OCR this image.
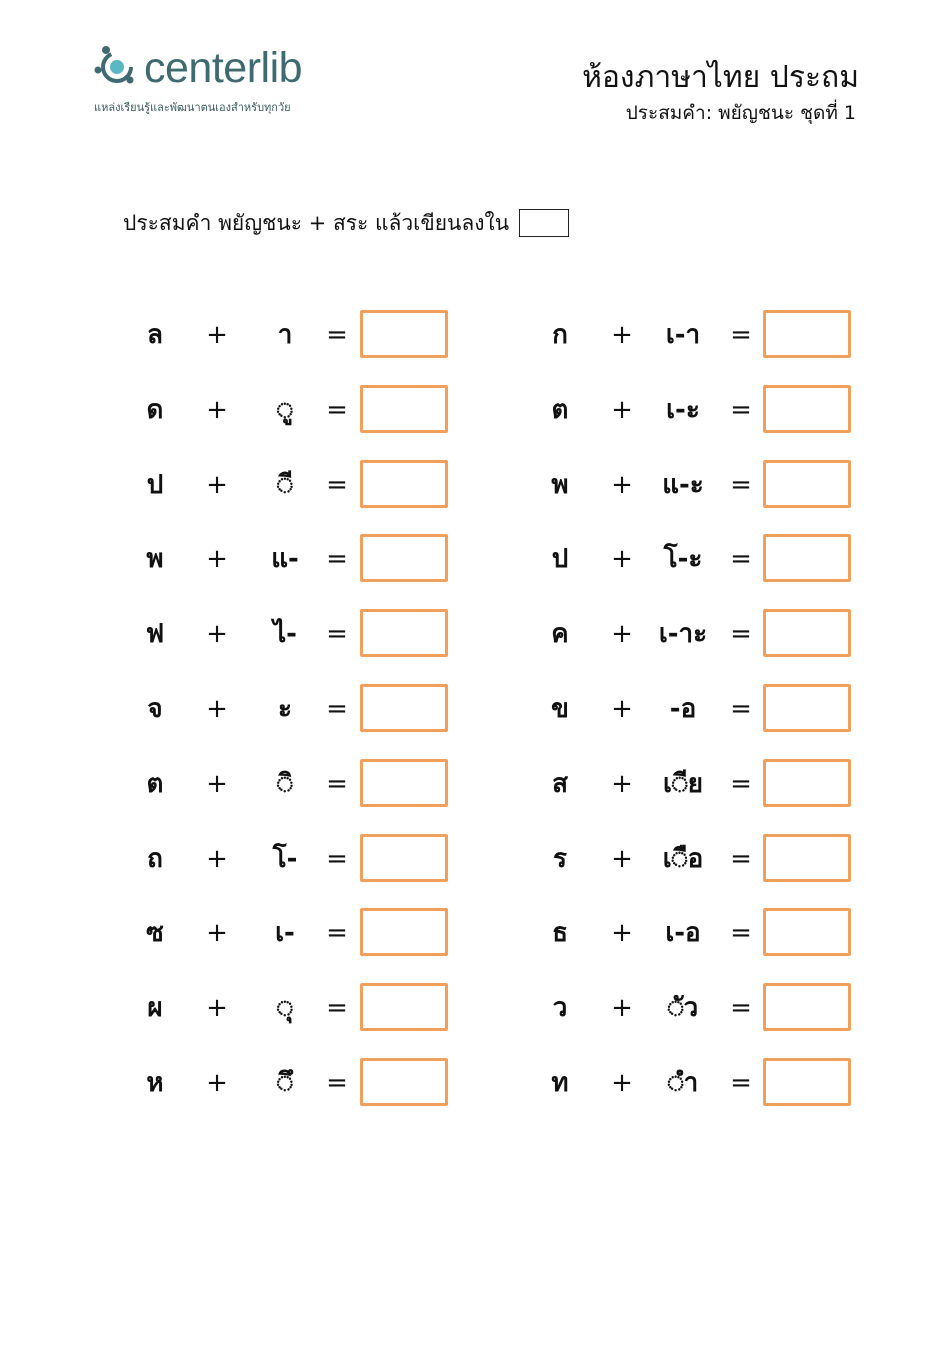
centerlib
แหล่งเรียนรู้และพัฒนาตนเองสำหรับทุกวัย
ห้องภาษาไทย ประถม
ประสมคำ: พยัญชนะ ชุดที่ 1
ประสมคำ พยัญชนะ + สระ แล้วเขียนลงใน
ล	+	า	=
ด	+	◌ู	=
ป	+	◌ี	=
พ	+	แ-	=
ฟ	+	ไ-	=
จ	+	ะ	=
ต	+	◌ิ	=
ถ	+	โ-	=
ซ	+	เ-	=
ผ	+	◌ุ	=
ห	+	◌ึ	=
ก	+	เ-า	=
ต	+	เ-ะ	=
พ	+	แ-ะ	=
ป	+	โ-ะ	=
ค	+ เ-าะ =
ข	+	-อ	=
ส	+	เ◌ีย	=
ร	+	เ◌ือ	=
ธ	+	เ-อ	=
ว	+	◌ัว	=
ท	+	◌ำ	=
